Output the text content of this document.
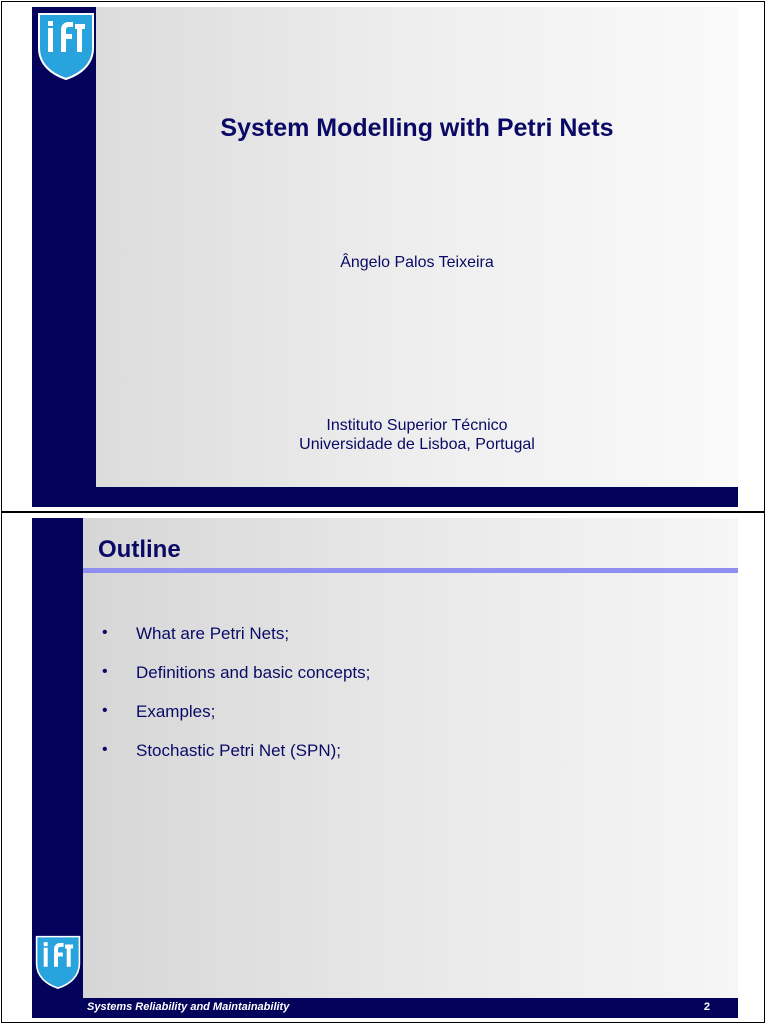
System Modelling with Petri Nets
Ângelo Palos Teixeira
Instituto Superior Técnico
Universidade de Lisboa, Portugal
Outline
• What are Petri Nets;
• Definitions and basic concepts;
• Examples;
• Stochastic Petri Net (SPN);
Systems Reliability and Maintainability	2
